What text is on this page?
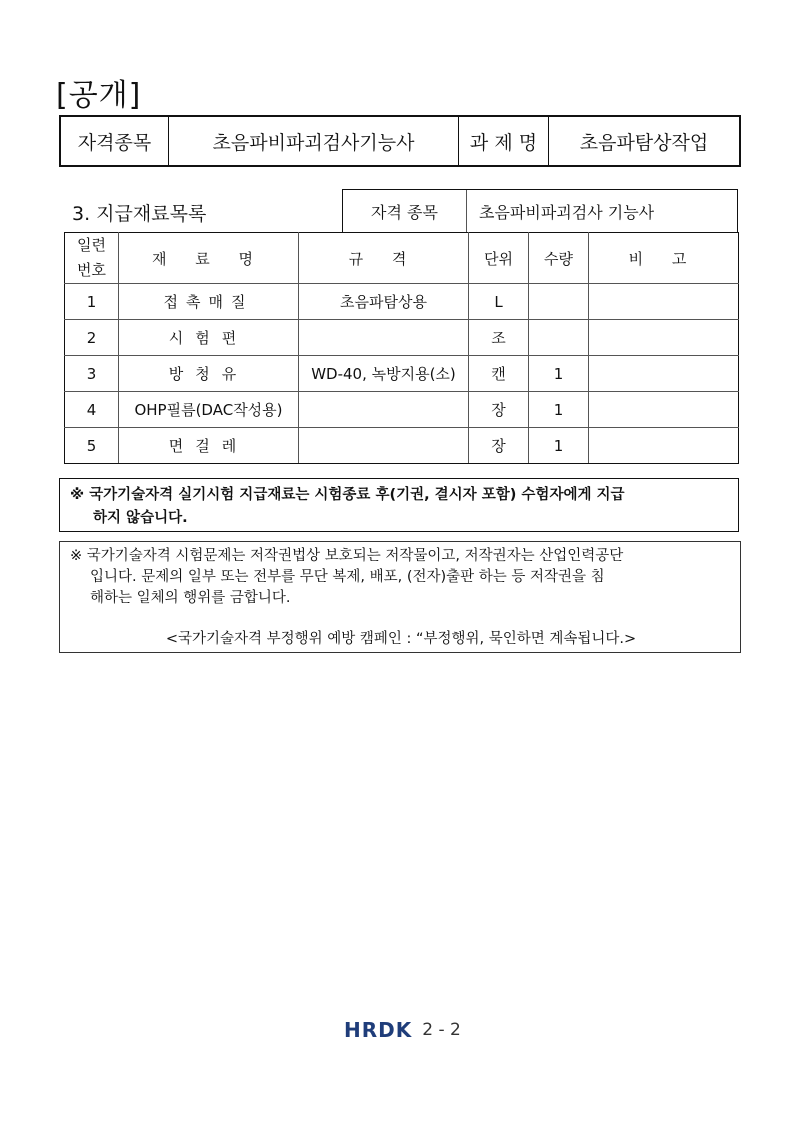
[공개]
자격종목	초음파비파괴검사기능사	과 제 명	초음파탐상작업
3. 지급재료목록	자격 종목	초음파비파괴검사 기능사
일련
번호	재 료 명	규 격	단위	수량	비 고
1	접촉매질	초음파탐상용	L		
2	시험편		조		
3	방청유	WD-40, 녹방지용(소)	캔	1	
4	OHP필름(DAC작성용)		장	1	
5	면걸레		장	1	
※ 국가기술자격 실기시험 지급재료는 시험종료 후(기권, 결시자 포함) 수험자에게 지급
하지 않습니다.
※ 국가기술자격 시험문제는 저작권법상 보호되는 저작물이고, 저작권자는 산업인력공단
입니다. 문제의 일부 또는 전부를 무단 복제, 배포, (전자)출판 하는 등 저작권을 침
해하는 일체의 행위를 금합니다.
<국가기술자격 부정행위 예방 캠페인 : “부정행위, 묵인하면 계속됩니다.>
HRDK 2 - 2
